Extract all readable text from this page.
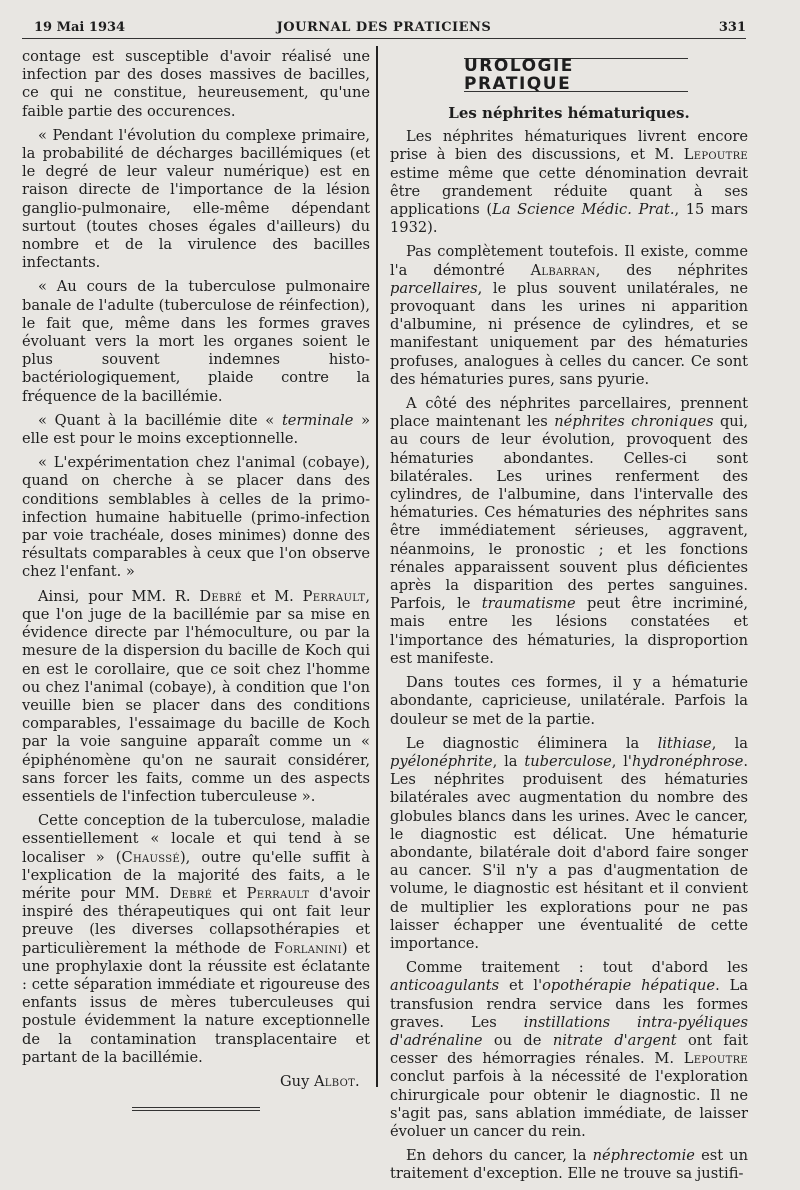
19 Mai 1934	JOURNAL DES PRATICIENS	331

contage est susceptible d'avoir réalisé une infection par des doses massives de bacilles, ce qui ne constitue, heureusement, qu'une faible partie des occurences.

« Pendant l'évolution du complexe primaire, la probabilité de décharges bacillémiques (et le degré de leur valeur numérique) est en raison directe de l'importance de la lésion ganglio-pulmonaire, elle-même dépendant surtout (toutes choses égales d'ailleurs) du nombre et de la virulence des bacilles infectants.

« Au cours de la tuberculose pulmonaire banale de l'adulte (tuberculose de réinfection), le fait que, même dans les formes graves évoluant vers la mort les organes soient le plus souvent indemnes histo-bactériologiquement, plaide contre la fréquence de la bacillémie.

« Quant à la bacillémie dite « terminale » elle est pour le moins exceptionnelle.

« L'expérimentation chez l'animal (cobaye), quand on cherche à se placer dans des conditions semblables à celles de la primo-infection humaine habituelle (primo-infection par voie trachéale, doses minimes) donne des résultats comparables à ceux que l'on observe chez l'enfant. »

Ainsi, pour MM. R. Debré et M. Perrault, que l'on juge de la bacillémie par sa mise en évidence directe par l'hémoculture, ou par la mesure de la dispersion du bacille de Koch qui en est le corollaire, que ce soit chez l'homme ou chez l'animal (cobaye), à condition que l'on veuille bien se placer dans des conditions comparables, l'essaimage du bacille de Koch par la voie sanguine apparaît comme un « épiphénomène qu'on ne saurait considérer, sans forcer les faits, comme un des aspects essentiels de l'infection tuberculeuse ».

Cette conception de la tuberculose, maladie essentiellement « locale et qui tend à se localiser » (Chaussé), outre qu'elle suffit à l'explication de la majorité des faits, a le mérite pour MM. Debré et Perrault d'avoir inspiré des thérapeutiques qui ont fait leur preuve (les diverses collapsothérapies et particulièrement la méthode de Forlanini) et une prophylaxie dont la réussite est éclatante : cette séparation immédiate et rigoureuse des enfants issus de mères tuberculeuses qui postule évidemment la nature exceptionnelle de la contamination transplacentaire et partant de la bacillémie.

Guy Albot.
UROLOGIE PRATIQUE
Les néphrites hématuriques.

Les néphrites hématuriques livrent encore prise à bien des discussions, et M. Lepoutre estime même que cette dénomination devrait être grandement réduite quant à ses applications (La Science Médic. Prat., 15 mars 1932).

Pas complètement toutefois. Il existe, comme l'a démontré Albarran, des néphrites parcellaires, le plus souvent unilatérales, ne provoquant dans les urines ni apparition d'albumine, ni présence de cylindres, et se manifestant uniquement par des hématuries profuses, analogues à celles du cancer. Ce sont des hématuries pures, sans pyurie.

A côté des néphrites parcellaires, prennent place maintenant les néphrites chroniques qui, au cours de leur évolution, provoquent des hématuries abondantes. Celles-ci sont bilatérales. Les urines renferment des cylindres, de l'albumine, dans l'intervalle des hématuries. Ces hématuries des néphrites sans être immédiatement sérieuses, aggravent, néanmoins, le pronostic ; et les fonctions rénales apparaissent souvent plus déficientes après la disparition des pertes sanguines. Parfois, le traumatisme peut être incriminé, mais entre les lésions constatées et l'importance des hématuries, la disproportion est manifeste.

Dans toutes ces formes, il y a hématurie abondante, capricieuse, unilatérale. Parfois la douleur se met de la partie.

Le diagnostic éliminera la lithiase, la pyélonéphrite, la tuberculose, l'hydronéphrose. Les néphrites produisent des hématuries bilatérales avec augmentation du nombre des globules blancs dans les urines. Avec le cancer, le diagnostic est délicat. Une hématurie abondante, bilatérale doit d'abord faire songer au cancer. S'il n'y a pas d'augmentation de volume, le diagnostic est hésitant et il convient de multiplier les explorations pour ne pas laisser échapper une éventualité de cette importance.

Comme traitement : tout d'abord les anticoagulants et l'opothérapie hépatique. La transfusion rendra service dans les formes graves. Les instillations intra-pyéliques d'adrénaline ou de nitrate d'argent ont fait cesser des hémorragies rénales. M. Lepoutre conclut parfois à la nécessité de l'exploration chirurgicale pour obtenir le diagnostic. Il ne s'agit pas, sans ablation immédiate, de laisser évoluer un cancer du rein.

En dehors du cancer, la néphrectomie est un traitement d'exception. Elle ne trouve sa justifi-
